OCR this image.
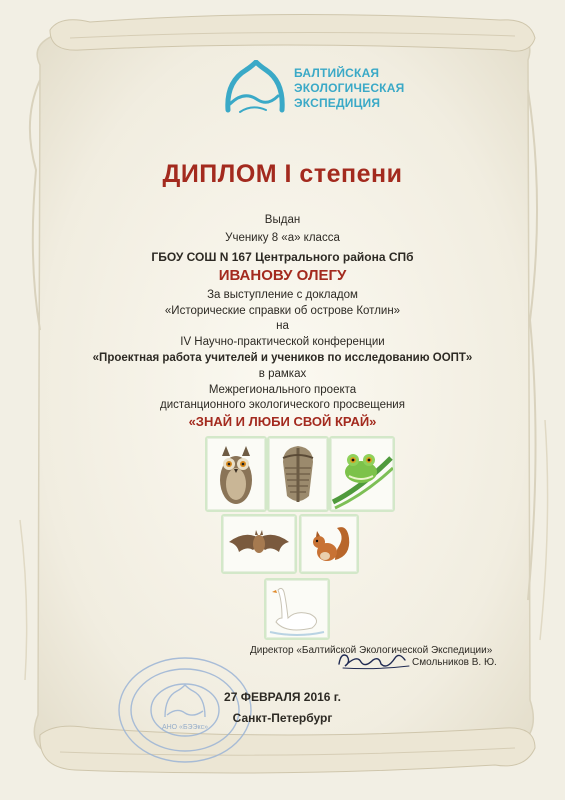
БАЛТИЙСКАЯ
ЭКОЛОГИЧЕСКАЯ
ЭКСПЕДИЦИЯ
ДИПЛОМ I степени
Выдан
Ученику 8 «а» класса
ГБОУ СОШ N 167 Центрального района СПб
ИВАНОВУ ОЛЕГУ
За выступление с докладом
«Исторические справки об острове Котлин»
на
IV Научно-практической конференции
«Проектная работа учителей и учеников по исследованию ООПТ»
в рамках
Межрегионального проекта
дистанционного экологического просвещения
«ЗНАЙ И ЛЮБИ СВОЙ КРАЙ»
Директор «Балтийской Экологической Экспедиции»
Смольников В. Ю.
АНО «БЭЭкс»
27 ФЕВРАЛЯ 2016 г.
Санкт-Петербург
